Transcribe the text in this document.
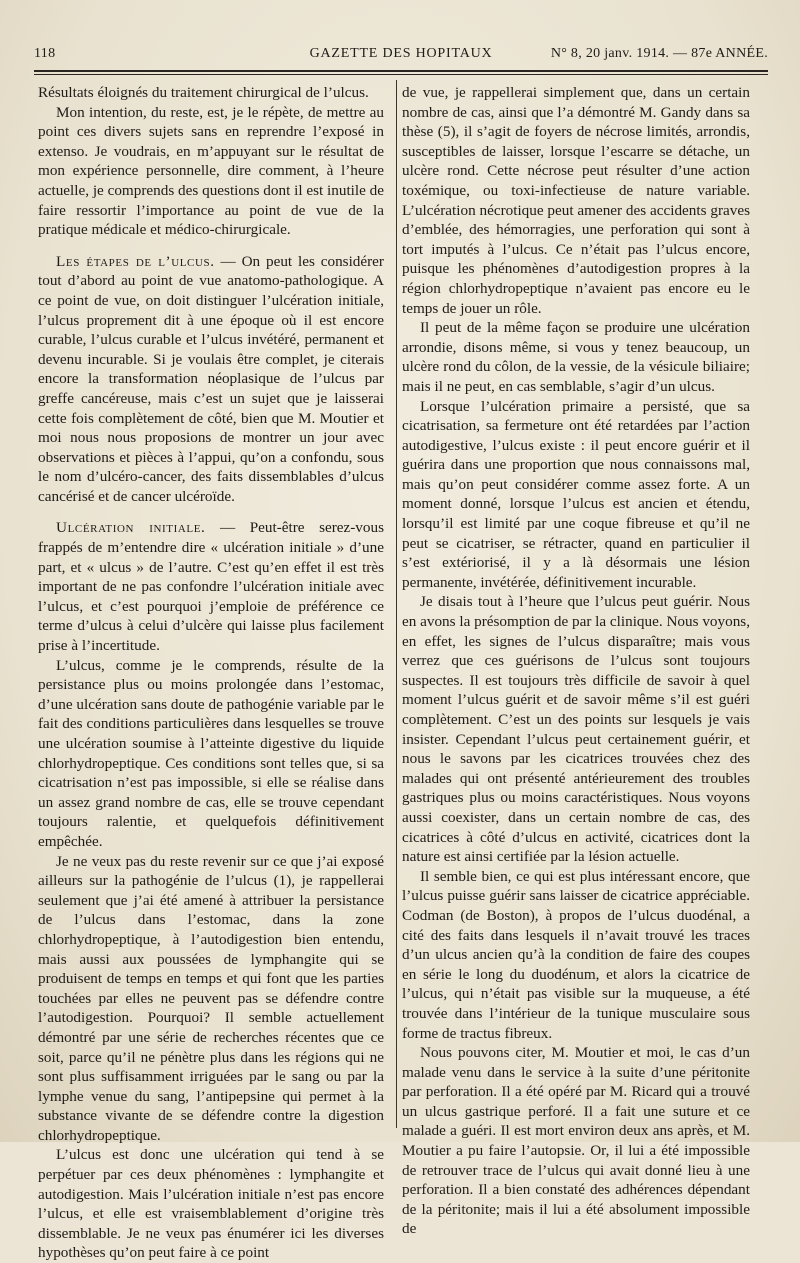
118	GAZETTE DES HOPITAUX	N° 8, 20 janv. 1914. — 87e ANNÉE.

Résultats éloignés du traitement chirurgical de l’ulcus.

Mon intention, du reste, est, je le répète, de mettre au point ces divers sujets sans en reprendre l’exposé in extenso. Je voudrais, en m’appuyant sur le résultat de mon expérience personnelle, dire comment, à l’heure actuelle, je comprends des questions dont il est inutile de faire ressortir l’importance au point de vue de la pratique médicale et médico-chirurgicale.

Les étapes de l’ulcus. — On peut les considérer tout d’abord au point de vue anatomo-pathologique. A ce point de vue, on doit distinguer l’ulcération initiale, l’ulcus proprement dit à une époque où il est encore curable, l’ulcus curable et l’ulcus invétéré, permanent et devenu incurable. Si je voulais être complet, je citerais encore la transformation néoplasique de l’ulcus par greffe cancéreuse, mais c’est un sujet que je laisserai cette fois complètement de côté, bien que M. Moutier et moi nous nous proposions de montrer un jour avec observations et pièces à l’appui, qu’on a confondu, sous le nom d’ulcéro-cancer, des faits dissemblables d’ulcus cancérisé et de cancer ulcéroïde.

Ulcération initiale. — Peut-être serez-vous frappés de m’entendre dire « ulcération initiale » d’une part, et « ulcus » de l’autre. C’est qu’en effet il est très important de ne pas confondre l’ulcération initiale avec l’ulcus, et c’est pourquoi j’emploie de préférence ce terme d’ulcus à celui d’ulcère qui laisse plus facilement prise à l’incertitude.

L’ulcus, comme je le comprends, résulte de la persistance plus ou moins prolongée dans l’estomac, d’une ulcération sans doute de pathogénie variable par le fait des conditions particulières dans lesquelles se trouve une ulcération soumise à l’atteinte digestive du liquide chlorhydropeptique. Ces conditions sont telles que, si sa cicatrisation n’est pas impossible, si elle se réalise dans un assez grand nombre de cas, elle se trouve cependant toujours ralentie, et quelquefois définitivement empêchée.

Je ne veux pas du reste revenir sur ce que j’ai exposé ailleurs sur la pathogénie de l’ulcus (1), je rappellerai seulement que j’ai été amené à attribuer la persistance de l’ulcus dans l’estomac, dans la zone chlorhydropeptique, à l’autodigestion bien entendu, mais aussi aux poussées de lymphangite qui se produisent de temps en temps et qui font que les parties touchées par elles ne peuvent pas se défendre contre l’autodigestion. Pourquoi? Il semble actuellement démontré par une série de recherches récentes que ce soit, parce qu’il ne pénètre plus dans les régions qui ne sont plus suffisamment irriguées par le sang ou par la lymphe venue du sang, l’antipepsine qui permet à la substance vivante de se défendre contre la digestion chlorhydropeptique.

L’ulcus est donc une ulcération qui tend à se perpétuer par ces deux phénomènes : lymphangite et autodigestion. Mais l’ulcération initiale n’est pas encore l’ulcus, et elle est vraisemblablement d’origine très dissemblable. Je ne veux pas énumérer ici les diverses hypothèses qu’on peut faire à ce point

de vue, je rappellerai simplement que, dans un certain nombre de cas, ainsi que l’a démontré M. Gandy dans sa thèse (5), il s’agit de foyers de nécrose limités, arrondis, susceptibles de laisser, lorsque l’escarre se détache, un ulcère rond. Cette nécrose peut résulter d’une action toxémique, ou toxi-infectieuse de nature variable. L’ulcération nécrotique peut amener des accidents graves d’emblée, des hémorragies, une perforation qui sont à tort imputés à l’ulcus. Ce n’était pas l’ulcus encore, puisque les phénomènes d’autodigestion propres à la région chlorhydropeptique n’avaient pas encore eu le temps de jouer un rôle.

Il peut de la même façon se produire une ulcération arrondie, disons même, si vous y tenez beaucoup, un ulcère rond du côlon, de la vessie, de la vésicule biliaire; mais il ne peut, en cas semblable, s’agir d’un ulcus.

Lorsque l’ulcération primaire a persisté, que sa cicatrisation, sa fermeture ont été retardées par l’action autodigestive, l’ulcus existe : il peut encore guérir et il guérira dans une proportion que nous connaissons mal, mais qu’on peut considérer comme assez forte. A un moment donné, lorsque l’ulcus est ancien et étendu, lorsqu’il est limité par une coque fibreuse et qu’il ne peut se cicatriser, se rétracter, quand en particulier il s’est extériorisé, il y a là désormais une lésion permanente, invétérée, définitivement incurable.

Je disais tout à l’heure que l’ulcus peut guérir. Nous en avons la présomption de par la clinique. Nous voyons, en effet, les signes de l’ulcus disparaître; mais vous verrez que ces guérisons de l’ulcus sont toujours suspectes. Il est toujours très difficile de savoir à quel moment l’ulcus guérit et de savoir même s’il est guéri complètement. C’est un des points sur lesquels je vais insister. Cependant l’ulcus peut certainement guérir, et nous le savons par les cicatrices trouvées chez des malades qui ont présenté antérieurement des troubles gastriques plus ou moins caractéristiques. Nous voyons aussi coexister, dans un certain nombre de cas, des cicatrices à côté d’ulcus en activité, cicatrices dont la nature est ainsi certifiée par la lésion actuelle.

Il semble bien, ce qui est plus intéressant encore, que l’ulcus puisse guérir sans laisser de cicatrice appréciable. Codman (de Boston), à propos de l’ulcus duodénal, a cité des faits dans lesquels il n’avait trouvé les traces d’un ulcus ancien qu’à la condition de faire des coupes en série le long du duodénum, et alors la cicatrice de l’ulcus, qui n’était pas visible sur la muqueuse, a été trouvée dans l’intérieur de la tunique musculaire sous forme de tractus fibreux.

Nous pouvons citer, M. Moutier et moi, le cas d’un malade venu dans le service à la suite d’une péritonite par perforation. Il a été opéré par M. Ricard qui a trouvé un ulcus gastrique perforé. Il a fait une suture et ce malade a guéri. Il est mort environ deux ans après, et M. Moutier a pu faire l’autopsie. Or, il lui a été impossible de retrouver trace de l’ulcus qui avait donné lieu à une perforation. Il a bien constaté des adhérences dépendant de la péritonite; mais il lui a été absolument impossible de
